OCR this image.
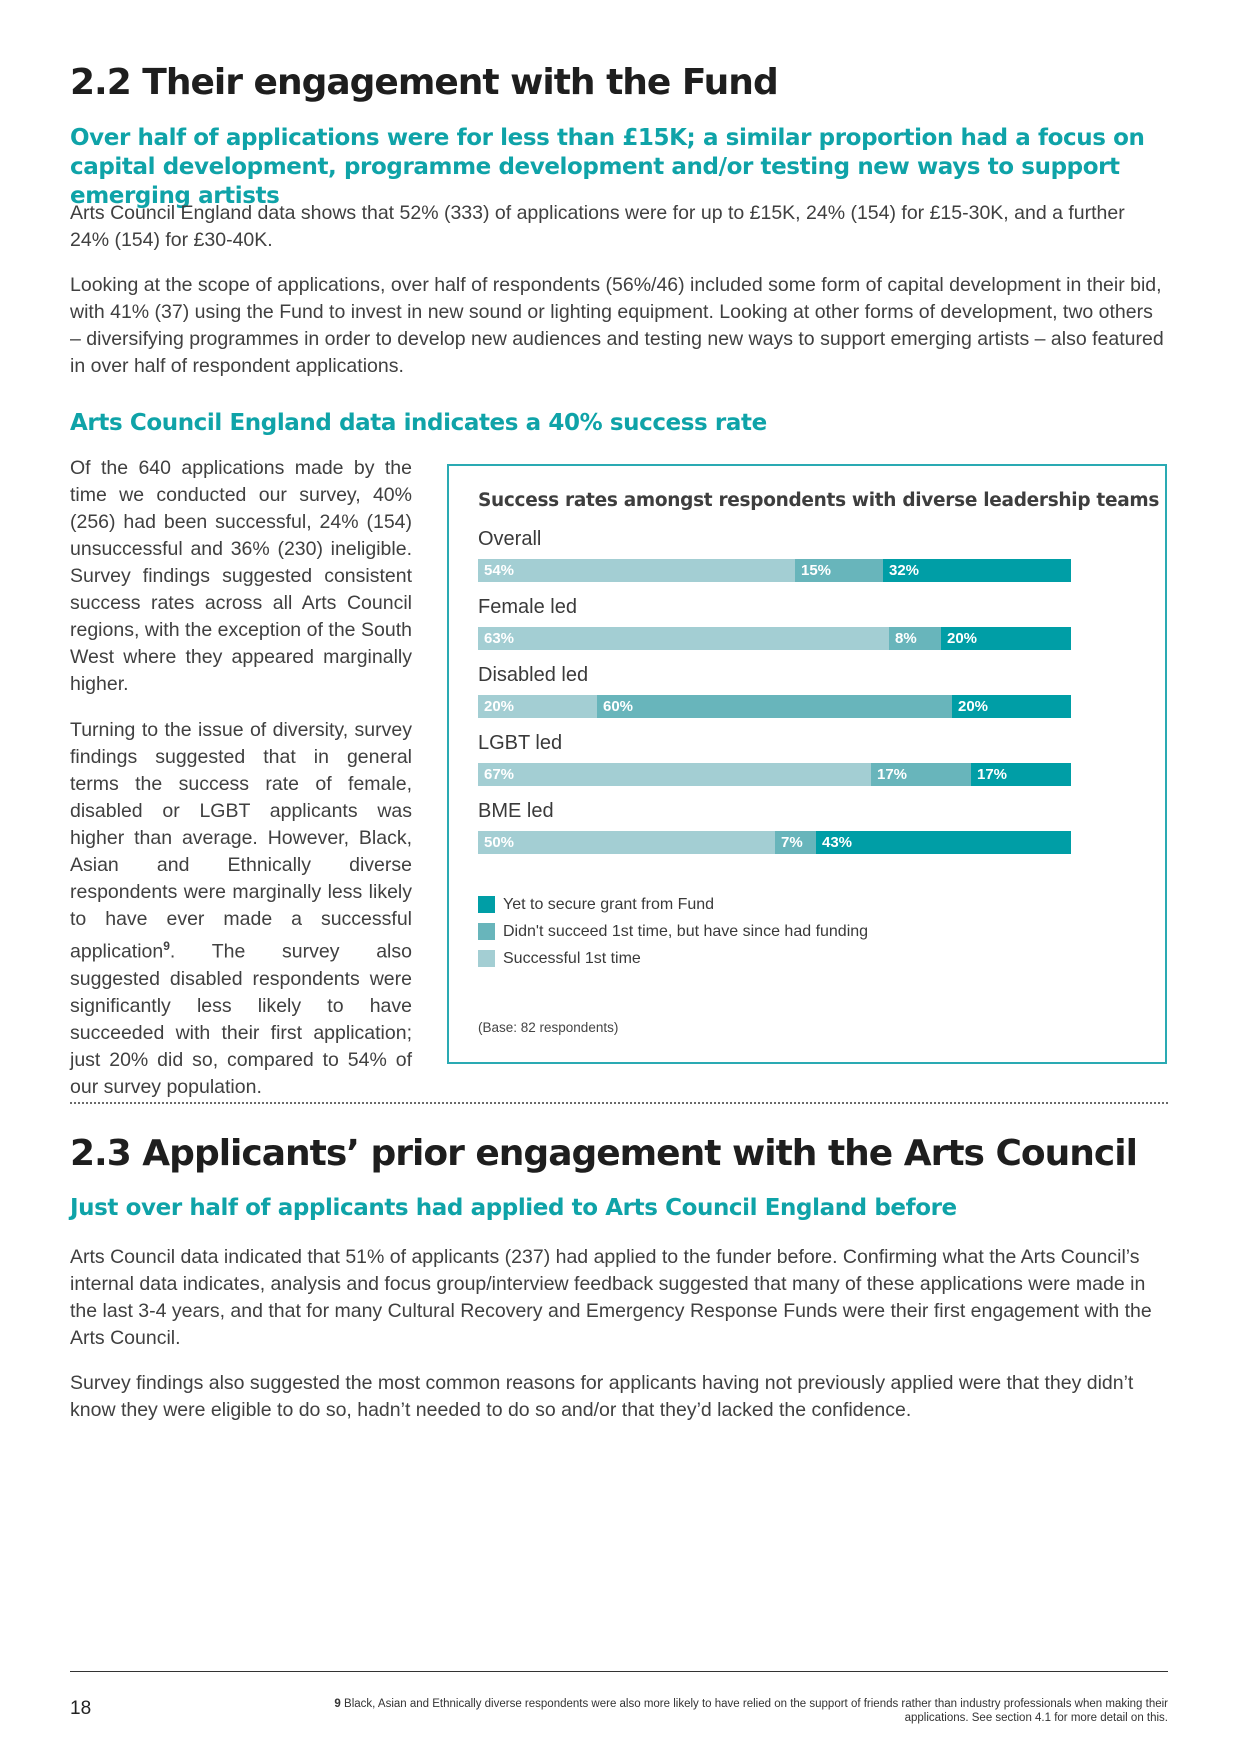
2.2 Their engagement with the Fund
Over half of applications were for less than £15K; a similar proportion had a focus on capital development, programme development and/or testing new ways to support emerging artists

Arts Council England data shows that 52% (333) of applications were for up to £15K, 24% (154) for £15-30K, and a further 24% (154) for £30-40K.

Looking at the scope of applications, over half of respondents (56%/46) included some form of capital development in their bid, with 41% (37) using the Fund to invest in new sound or lighting equipment. Looking at other forms of development, two others – diversifying programmes in order to develop new audiences and testing new ways to support emerging artists – also featured in over half of respondent applications.

Arts Council England data indicates a 40% success rate

Of the 640 applications made by the time we conducted our survey, 40% (256) had been successful, 24% (154) unsuccessful and 36% (230) ineligible. Survey findings suggested consistent success rates across all Arts Council regions, with the exception of the South West where they appeared marginally higher.

Turning to the issue of diversity, survey findings suggested that in general terms the success rate of female, disabled or LGBT applicants was higher than average. However, Black, Asian and Ethnically diverse respondents were marginally less likely to have ever made a successful application$^9$. The survey also suggested disabled respondents were significantly less likely to have succeeded with their first application; just 20% did so, compared to 54% of our survey population.

Success rates amongst respondents with diverse leadership teams
Overall
54%	15%	32%
Female led
63%	8%	20%
Disabled led
20%	60%	20%
LGBT led
67%	17%	17%
BME led
50%	7%	43%
Yet to secure grant from Fund
Didn't succeed 1st time, but have since had funding
Successful 1st time
(Base: 82 respondents)
2.3 Applicants’ prior engagement with the Arts Council
Just over half of applicants had applied to Arts Council England before

Arts Council data indicated that 51% of applicants (237) had applied to the funder before. Confirming what the Arts Council’s internal data indicates, analysis and focus group/interview feedback suggested that many of these applications were made in the last 3-4 years, and that for many Cultural Recovery and Emergency Response Funds were their first engagement with the Arts Council.

Survey findings also suggested the most common reasons for applicants having not previously applied were that they didn’t know they were eligible to do so, hadn’t needed to do so and/or that they’d lacked the confidence.

18	9 Black, Asian and Ethnically diverse respondents were also more likely to have relied on the support of friends rather than industry professionals when making their applications. See section 4.1 for more detail on this.
